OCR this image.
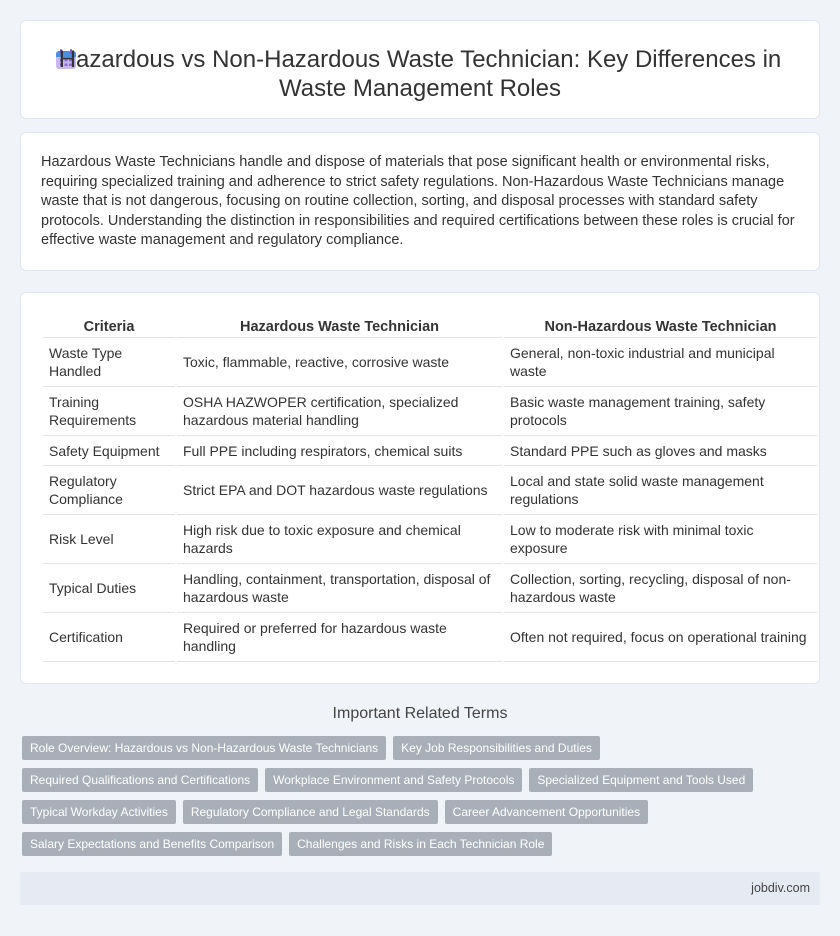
Hazardous vs Non-Hazardous Waste Technician: Key Differences in Waste Management Roles

Hazardous Waste Technicians handle and dispose of materials that pose significant health or environmental risks, requiring specialized training and adherence to strict safety regulations. Non-Hazardous Waste Technicians manage waste that is not dangerous, focusing on routine collection, sorting, and disposal processes with standard safety protocols. Understanding the distinction in responsibilities and required certifications between these roles is crucial for effective waste management and regulatory compliance.

Criteria	Hazardous Waste Technician	Non-Hazardous Waste Technician
Waste Type Handled	Toxic, flammable, reactive, corrosive waste	General, non-toxic industrial and municipal waste
Training Requirements	OSHA HAZWOPER certification, specialized hazardous material handling	Basic waste management training, safety protocols
Safety Equipment	Full PPE including respirators, chemical suits	Standard PPE such as gloves and masks
Regulatory Compliance	Strict EPA and DOT hazardous waste regulations	Local and state solid waste management regulations
Risk Level	High risk due to toxic exposure and chemical hazards	Low to moderate risk with minimal toxic exposure
Typical Duties	Handling, containment, transportation, disposal of hazardous waste	Collection, sorting, recycling, disposal of non-hazardous waste
Certification	Required or preferred for hazardous waste handling	Often not required, focus on operational training
Important Related Terms
Role Overview: Hazardous vs Non-Hazardous Waste Technicians	Key Job Responsibilities and Duties
Required Qualifications and Certifications	Workplace Environment and Safety Protocols	Specialized Equipment and Tools Used
Typical Workday Activities	Regulatory Compliance and Legal Standards	Career Advancement Opportunities
Salary Expectations and Benefits Comparison	Challenges and Risks in Each Technician Role
jobdiv.com
